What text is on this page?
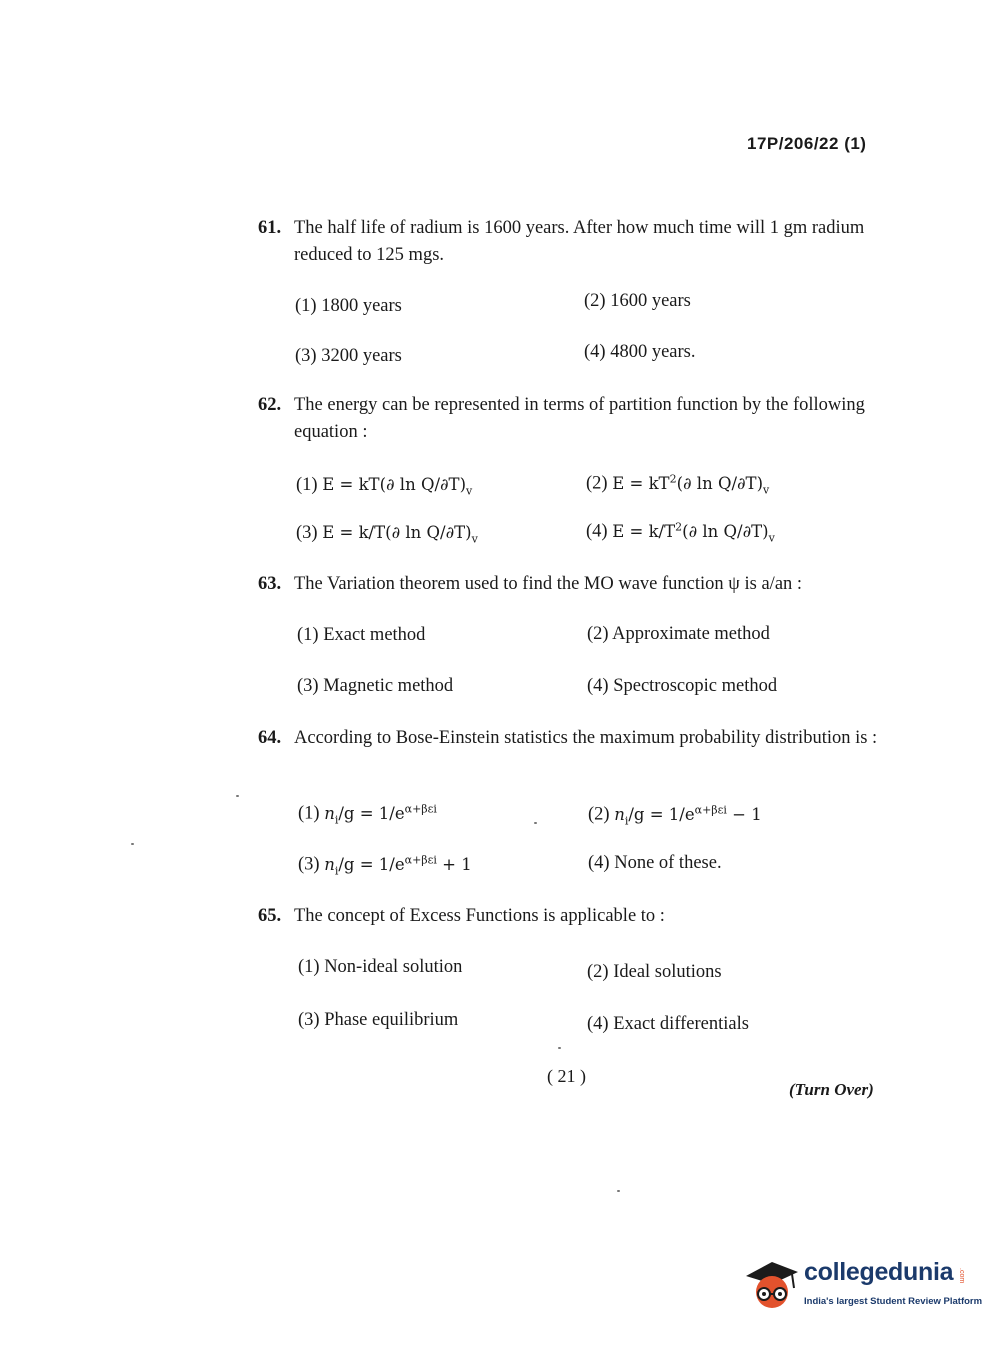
17P/206/22 (1)
61. The half life of radium is 1600 years. After how much time will 1 gm radium reduced to 125 mgs.
(1) 1800 years	(2) 1600 years
(3) 3200 years	(4) 4800 years.
62. The energy can be represented in terms of partition function by the following equation :
(1) E = kT(∂ $\ln Q/\partial T)_v$	(2) $E = kT^2(\partial$ $\ln Q/\partial T)_v$
(3) E = k/T(∂ $\ln Q/\partial T)_v$	(4) $E = k/T^2(\partial$ $\ln Q/\partial T)_v$
63. The Variation theorem used to find the MO wave function ψ is a/an :
(1) Exact method	(2) Approximate method
(3) Magnetic method	(4) Spectroscopic method
64. According to Bose-Einstein statistics the maximum probability distribution is :
(1) $n_i/g = 1/e^{\alpha+\beta\varepsilon i}$	(2) $n_i/g = 1/e^{\alpha+\beta\varepsilon i} - 1$
(3) $n_i/g = 1/e^{\alpha+\beta\varepsilon i} + 1$	(4) None of these.
65. The concept of Excess Functions is applicable to :
(1) Non-ideal solution	(2) Ideal solutions
(3) Phase equilibrium	(4) Exact differentials
( 21 )
(Turn Over)
collegedunia .com
India's largest Student Review Platform
